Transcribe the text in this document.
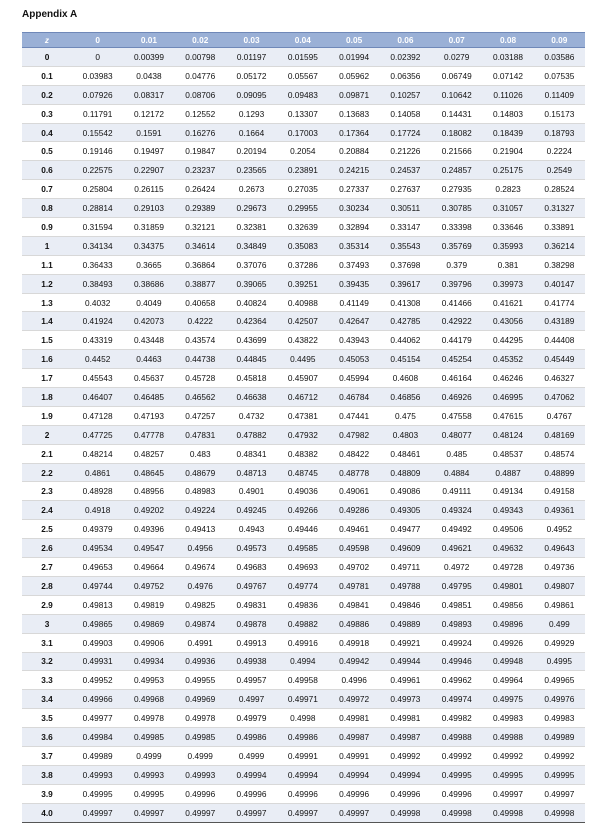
Appendix A
z	0	0.01	0.02	0.03	0.04	0.05	0.06	0.07	0.08	0.09
0	0	0.00399	0.00798	0.01197	0.01595	0.01994	0.02392	0.0279	0.03188	0.03586
0.1	0.03983	0.0438	0.04776	0.05172	0.05567	0.05962	0.06356	0.06749	0.07142	0.07535
0.2	0.07926	0.08317	0.08706	0.09095	0.09483	0.09871	0.10257	0.10642	0.11026	0.11409
0.3	0.11791	0.12172	0.12552	0.1293	0.13307	0.13683	0.14058	0.14431	0.14803	0.15173
0.4	0.15542	0.1591	0.16276	0.1664	0.17003	0.17364	0.17724	0.18082	0.18439	0.18793
0.5	0.19146	0.19497	0.19847	0.20194	0.2054	0.20884	0.21226	0.21566	0.21904	0.2224
0.6	0.22575	0.22907	0.23237	0.23565	0.23891	0.24215	0.24537	0.24857	0.25175	0.2549
0.7	0.25804	0.26115	0.26424	0.2673	0.27035	0.27337	0.27637	0.27935	0.2823	0.28524
0.8	0.28814	0.29103	0.29389	0.29673	0.29955	0.30234	0.30511	0.30785	0.31057	0.31327
0.9	0.31594	0.31859	0.32121	0.32381	0.32639	0.32894	0.33147	0.33398	0.33646	0.33891
1	0.34134	0.34375	0.34614	0.34849	0.35083	0.35314	0.35543	0.35769	0.35993	0.36214
1.1	0.36433	0.3665	0.36864	0.37076	0.37286	0.37493	0.37698	0.379	0.381	0.38298
1.2	0.38493	0.38686	0.38877	0.39065	0.39251	0.39435	0.39617	0.39796	0.39973	0.40147
1.3	0.4032	0.4049	0.40658	0.40824	0.40988	0.41149	0.41308	0.41466	0.41621	0.41774
1.4	0.41924	0.42073	0.4222	0.42364	0.42507	0.42647	0.42785	0.42922	0.43056	0.43189
1.5	0.43319	0.43448	0.43574	0.43699	0.43822	0.43943	0.44062	0.44179	0.44295	0.44408
1.6	0.4452	0.4463	0.44738	0.44845	0.4495	0.45053	0.45154	0.45254	0.45352	0.45449
1.7	0.45543	0.45637	0.45728	0.45818	0.45907	0.45994	0.4608	0.46164	0.46246	0.46327
1.8	0.46407	0.46485	0.46562	0.46638	0.46712	0.46784	0.46856	0.46926	0.46995	0.47062
1.9	0.47128	0.47193	0.47257	0.4732	0.47381	0.47441	0.475	0.47558	0.47615	0.4767
2	0.47725	0.47778	0.47831	0.47882	0.47932	0.47982	0.4803	0.48077	0.48124	0.48169
2.1	0.48214	0.48257	0.483	0.48341	0.48382	0.48422	0.48461	0.485	0.48537	0.48574
2.2	0.4861	0.48645	0.48679	0.48713	0.48745	0.48778	0.48809	0.4884	0.4887	0.48899
2.3	0.48928	0.48956	0.48983	0.4901	0.49036	0.49061	0.49086	0.49111	0.49134	0.49158
2.4	0.4918	0.49202	0.49224	0.49245	0.49266	0.49286	0.49305	0.49324	0.49343	0.49361
2.5	0.49379	0.49396	0.49413	0.4943	0.49446	0.49461	0.49477	0.49492	0.49506	0.4952
2.6	0.49534	0.49547	0.4956	0.49573	0.49585	0.49598	0.49609	0.49621	0.49632	0.49643
2.7	0.49653	0.49664	0.49674	0.49683	0.49693	0.49702	0.49711	0.4972	0.49728	0.49736
2.8	0.49744	0.49752	0.4976	0.49767	0.49774	0.49781	0.49788	0.49795	0.49801	0.49807
2.9	0.49813	0.49819	0.49825	0.49831	0.49836	0.49841	0.49846	0.49851	0.49856	0.49861
3	0.49865	0.49869	0.49874	0.49878	0.49882	0.49886	0.49889	0.49893	0.49896	0.499
3.1	0.49903	0.49906	0.4991	0.49913	0.49916	0.49918	0.49921	0.49924	0.49926	0.49929
3.2	0.49931	0.49934	0.49936	0.49938	0.4994	0.49942	0.49944	0.49946	0.49948	0.4995
3.3	0.49952	0.49953	0.49955	0.49957	0.49958	0.4996	0.49961	0.49962	0.49964	0.49965
3.4	0.49966	0.49968	0.49969	0.4997	0.49971	0.49972	0.49973	0.49974	0.49975	0.49976
3.5	0.49977	0.49978	0.49978	0.49979	0.4998	0.49981	0.49981	0.49982	0.49983	0.49983
3.6	0.49984	0.49985	0.49985	0.49986	0.49986	0.49987	0.49987	0.49988	0.49988	0.49989
3.7	0.49989	0.4999	0.4999	0.4999	0.49991	0.49991	0.49992	0.49992	0.49992	0.49992
3.8	0.49993	0.49993	0.49993	0.49994	0.49994	0.49994	0.49994	0.49995	0.49995	0.49995
3.9	0.49995	0.49995	0.49996	0.49996	0.49996	0.49996	0.49996	0.49996	0.49997	0.49997
4.0	0.49997	0.49997	0.49997	0.49997	0.49997	0.49997	0.49998	0.49998	0.49998	0.49998
